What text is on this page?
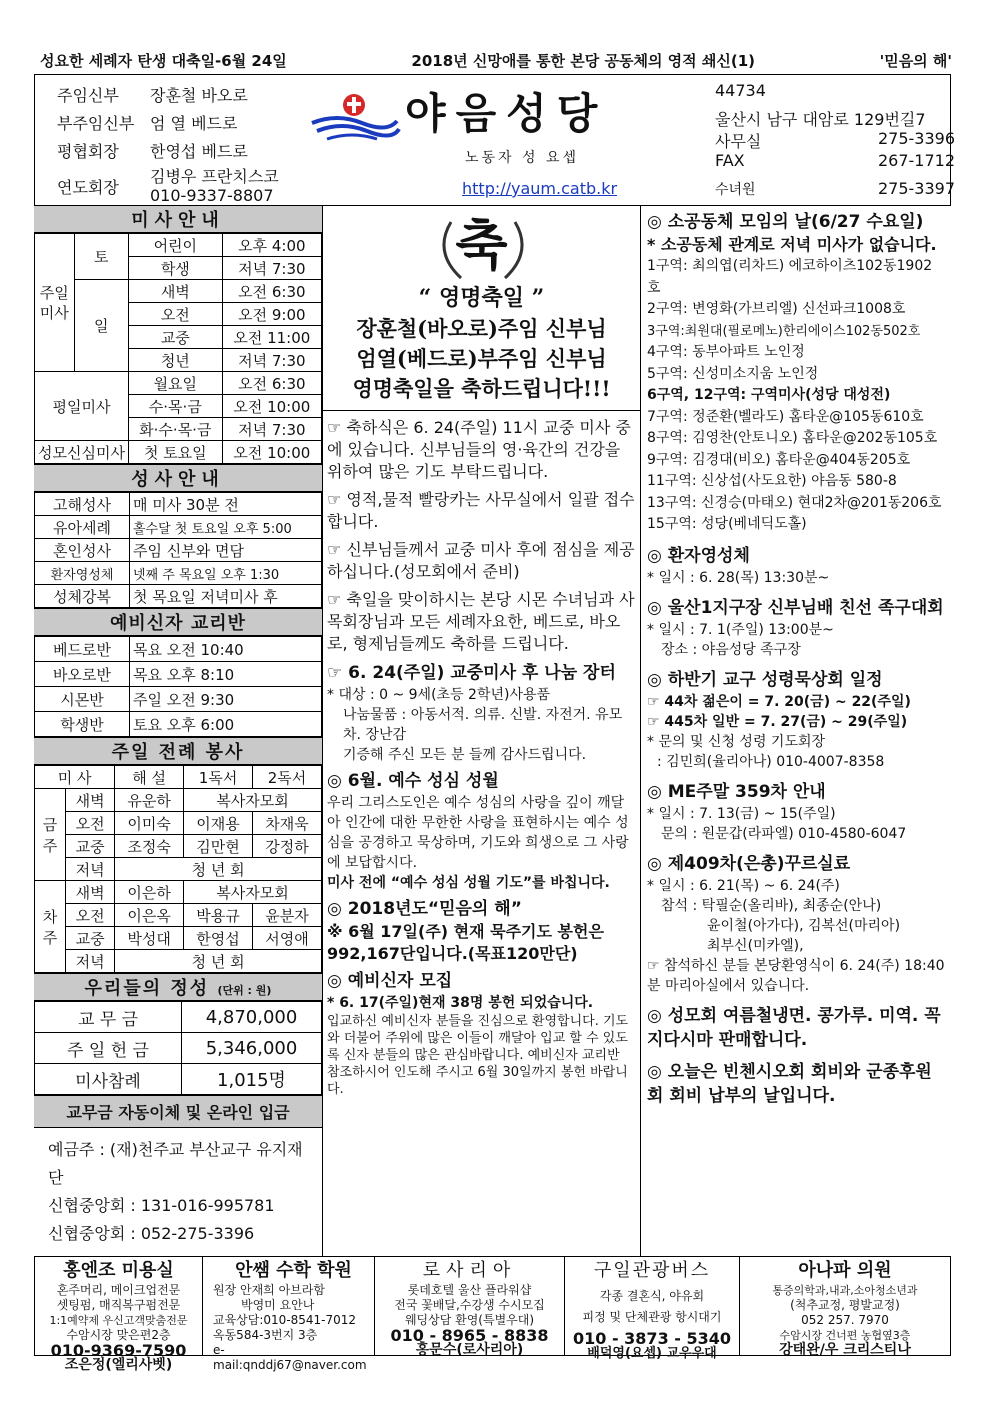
성요한 세례자 탄생 대축일-6월 24일	2018년 신망애를 통한 본당 공동체의 영적 쇄신(1)	'믿음의 해'
주임신부	장훈철 바오로
부주임신부 엄 열 베드로
평협회장	한영섭 베드로
연도회장
김병우 프란치스코
010-9337-8807
야음성당
노동자 성 요셉
http://yaum.catb.kr
44734
울산시 남구 대암로 129번길7
사무실	275-3396
FAX	267-1712
수녀원	275-3397
미사안내
주일미사	토	어린이	오후 4:00
		학생	저녁 7:30
	일	새벽	오전 6:30
		오전	오전 9:00
		교중	오전 11:00
		청년	저녁 7:30
평일미사		월요일	오전 6:30
		수·목·금	오전 10:00
		화·수·목·금	저녁 7:30
성모신심미사		첫 토요일	오전 10:00
성사안내
고해성사	매 미사 30분 전
유아세례	홀수달 첫 토요일 오후 5:00
혼인성사	주임 신부와 면담
환자영성체	넷째 주 목요일 오후 1:30
성체강복	첫 목요일 저녁미사 후
예비신자 교리반
베드로반	목요 오전 10:40
바오로반	목요 오후 8:10
시몬반	주일 오전 9:30
학생반	토요 오후 6:00
주일 전례 봉사
미 사		해 설	1독서	2독서
금주	새벽	유운하	복사자모회	
	오전	이미숙	이재용	차재욱
	교중	조정숙	김만현	강정하
	저녁	청 년 회		
차주	새벽	이은하	복사자모회	
	오전	이은옥	박용규	윤분자
	교중	박성대	한영섭	서영애
	저녁	청 년 회		
우리들의 정성 (단위 : 원)
교 무 금	4,870,000
주 일 헌 금	5,346,000
미사참례	1,015명
교무금 자동이체 및 온라인 입금
예금주 : (재)천주교 부산교구 유지재단
신협중앙회 : 131-016-995781
신협중앙회 : 052-275-3396
축
“ 영명축일 ”
장훈철(바오로)주임 신부님
엄열(베드로)부주임 신부님
영명축일을 축하드립니다!!!

☞ 축하식은 6. 24(주일) 11시 교중 미사 중에 있습니다. 신부님들의 영·육간의 건강을 위하여 많은 기도 부탁드립니다.

☞ 영적,물적 빨랑카는 사무실에서 일괄 접수합니다.

☞ 신부님들께서 교중 미사 후에 점심을 제공하십니다.(성모회에서 준비)

☞ 축일을 맞이하시는 본당 시몬 수녀님과 사목회장님과 모든 세례자요한, 베드로, 바오로, 형제님들께도 축하를 드립니다.

☞ 6. 24(주일) 교중미사 후 나눔 장터

* 대상 : 0 ~ 9세(초등 2학년)사용품

나눔물품 : 아동서적. 의류. 신발. 자전거. 유모차. 장난감

기증해 주신 모든 분 들께 감사드립니다.

◎ 6월. 예수 성심 성월

우리 그리스도인은 예수 성심의 사랑을 깊이 깨달아 인간에 대한 무한한 사랑을 표현하시는 예수 성심을 공경하고 묵상하며, 기도와 희생으로 그 사랑에 보답합시다.

미사 전에 “예수 성심 성월 기도”를 바칩니다.

◎ 2018년도“믿음의 해”

※ 6월 17일(주) 현재 묵주기도 봉헌은992,167단입니다.(목표120만단)

◎ 예비신자 모집

* 6. 17(주일)현재 38명 봉헌 되었습니다.

입교하신 예비신자 분들을 진심으로 환영합니다. 기도와 더불어 주위에 많은 이들이 깨달아 입교 할 수 있도록 신자 분들의 많은 관심바랍니다. 예비신자 교리반 참조하시어 인도해 주시고 6월 30일까지 봉헌 바랍니다.

◎ 소공동체 모임의 날(6/27 수요일)

* 소공동체 관계로 저녁 미사가 없습니다.

1구역: 최의엽(리차드) 에코하이츠102동1902호

2구역: 변영화(가브리엘) 신선파크1008호

3구역:최원대(필로메노)한리에이스102동502호

4구역: 동부아파트 노인정

5구역: 신성미소지움 노인정

6구역, 12구역: 구역미사(성당 대성전)

7구역: 정준환(벨라도) 홈타운@105동610호

8구역: 김영찬(안토니오) 홈타운@202동105호

9구역: 김경대(비오) 홈타운@404동205호

11구역: 신상섭(사도요한) 야음동 580-8

13구역: 신경승(마태오) 현대2차@201동206호

15구역: 성당(베네딕도홀)

◎ 환자영성체

* 일시 : 6. 28(목) 13:30분~

◎ 울산1지구장 신부님배 친선 족구대회

* 일시 : 7. 1(주일) 13:00분~

장소 : 야음성당 족구장

◎ 하반기 교구 성령묵상회 일정

☞ 44차 젊은이 = 7. 20(금) ~ 22(주일)

☞ 445차 일반 = 7. 27(금) ~ 29(주일)

* 문의 및 신청 성령 기도회장

: 김민희(율리아나) 010-4007-8358

◎ ME주말 359차 안내

* 일시 : 7. 13(금) ~ 15(주일)

문의 : 원문갑(라파엘) 010-4580-6047

◎ 제409차(은총)꾸르실료

* 일시 : 6. 21(목) ~ 6. 24(주)

참석 : 탁필순(올리바), 최종순(안나)

윤이철(아가다), 김복선(마리아)

최부신(미카엘),

☞ 참석하신 분들 본당환영식이 6. 24(주) 18:40분 마리아실에서 있습니다.

◎ 성모회 여름철냉면. 콩가루. 미역. 꼭지다시마 판매합니다.

◎ 오늘은 빈첸시오회 회비와 군종후원회 회비 납부의 날입니다.

홍엔조 미용실
혼주머리, 메이크업전문
셋팅펌, 매직복구펌전문
1:1예약제 우신고객맞춤전문
수암시장 맞은편2층
010-9369-7590
조은정(엘리사벳)
안쌤 수학 학원
원장 안재희 아브라함
박영미 요안나
교육상담:010-8541-7012
옥동584-3번지 3층
e-mail:qnddj67@naver.com
로사리아
롯데호텔 울산 플라워샵
전국 꽃배달,수강생 수시모집
웨딩상담 환영(특별우대)
010 - 8965 - 8838
홍문수(로사리아)
구일관광버스
각종 결혼식, 야유회
피정 및 단체관광 항시대기
010 - 3873 - 5340
배덕영(요셉) 교우우대
아나파 의원
통증의학과,내과,소아청소년과
(척추교정, 평발교정)
052 257. 7970
수암시장 건너편 농협옆3층
강태완/우 크리스티나
